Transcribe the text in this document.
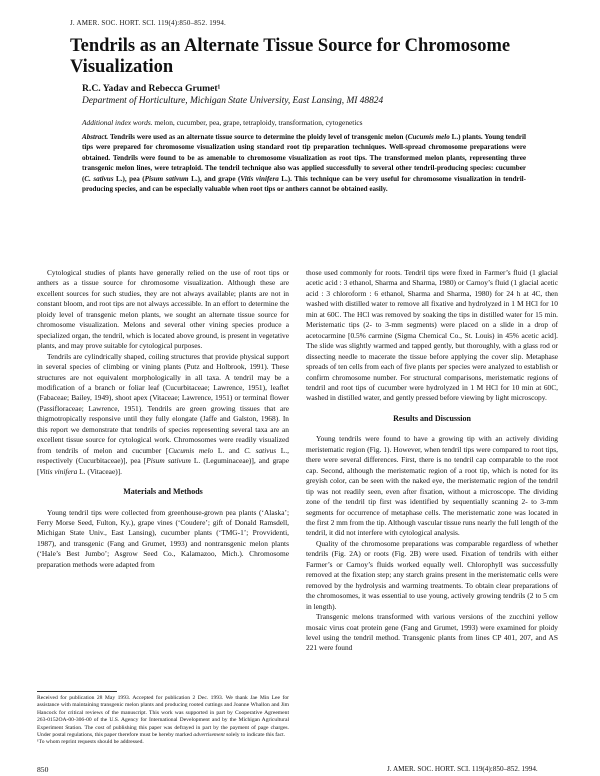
J. AMER. SOC. HORT. SCI. 119(4):850–852. 1994.
Tendrils as an Alternate Tissue Source for Chromosome Visualization
R.C. Yadav and Rebecca Grumet¹
Department of Horticulture, Michigan State University, East Lansing, MI 48824
Additional index words. melon, cucumber, pea, grape, tetraploidy, transformation, cytogenetics
Abstract. Tendrils were used as an alternate tissue source to determine the ploidy level of transgenic melon (Cucumis melo L.) plants. Young tendril tips were prepared for chromosome visualization using standard root tip preparation techniques. Well-spread chromosome preparations were obtained. Tendrils were found to be as amenable to chromosome visualization as root tips. The transformed melon plants, representing three transgenic melon lines, were tetraploid. The tendril technique also was applied successfully to several other tendril-producing species: cucumber (C. sativus L.), pea (Pisum sativum L.), and grape (Vitis vinifera L.). This technique can be very useful for chromosome visualization in tendril-producing species, and can be especially valuable when root tips or anthers cannot be obtained easily.

Cytological studies of plants have generally relied on the use of root tips or anthers as a tissue source for chromosome visualization. Although these are excellent sources for such studies, they are not always available; plants are not in constant bloom, and root tips are not always accessible. In an effort to determine the ploidy level of transgenic melon plants, we sought an alternate tissue source for chromosome visualization. Melons and several other vining species produce a specialized organ, the tendril, which is located above ground, is present in vegetative plants, and may prove suitable for cytological purposes.

Tendrils are cylindrically shaped, coiling structures that provide physical support in several species of climbing or vining plants (Putz and Holbrook, 1991). These structures are not equivalent morphologically in all taxa. A tendril may be a modification of a branch or foliar leaf (Cucurbitaceae; Lawrence, 1951), leaflet (Fabaceae; Bailey, 1949), shoot apex (Vitaceae; Lawrence, 1951) or terminal flower (Passifloraceae; Lawrence, 1951). Tendrils are green growing tissues that are thigmotropically responsive until they fully elongate (Jaffe and Galston, 1968). In this report we demonstrate that tendrils of species representing several taxa are an excellent tissue source for cytological work. Chromosomes were readily visualized from tendrils of melon and cucumber [Cucumis melo L. and C. sativus L., respectively (Cucurbitaceae)], pea [Pisum sativum L. (Leguminaceae)], and grape [Vitis vinifera L. (Vitaceae)].

Materials and Methods

Young tendril tips were collected from greenhouse-grown pea plants (‘Alaska’; Ferry Morse Seed, Fulton, Ky.), grape vines (‘Coudere’; gift of Donald Ramsdell, Michigan State Univ., East Lansing), cucumber plants (‘TMG-1’; Provvidenti, 1987), and transgenic (Fang and Grumet, 1993) and nontransgenic melon plants (‘Hale’s Best Jumbo’; Asgrow Seed Co., Kalamazoo, Mich.). Chromosome preparation methods were adapted from

Received for publication 28 May 1993. Accepted for publication 2 Dec. 1993. We thank Jae Min Lee for assistance with maintaining transgenic melon plants and producing rooted cuttings and Joanne Whallon and Jim Hancock for critical reviews of the manuscript. This work was supported in part by Cooperative Agreement 263-0152OA-00-306-00 of the U.S. Agency for International Development and by the Michigan Agricultural Experiment Station. The cost of publishing this paper was defrayed in part by the payment of page charges. Under postal regulations, this paper therefore must be hereby marked advertisement solely to indicate this fact.

¹To whom reprint requests should be addressed.

those used commonly for roots. Tendril tips were fixed in Farmer’s fluid (1 glacial acetic acid : 3 ethanol, Sharma and Sharma, 1980) or Carnoy’s fluid (1 glacial acetic acid : 3 chloroform : 6 ethanol, Sharma and Sharma, 1980) for 24 h at 4C, then washed with distilled water to remove all fixative and hydrolyzed in 1 M HCl for 10 min at 60C. The HCl was removed by soaking the tips in distilled water for 15 min. Meristematic tips (2- to 3-mm segments) were placed on a slide in a drop of acetocarmine [0.5% carmine (Sigma Chemical Co., St. Louis) in 45% acetic acid]. The slide was slightly warmed and tapped gently, but thoroughly, with a glass rod or dissecting needle to macerate the tissue before applying the cover slip. Metaphase spreads of ten cells from each of five plants per species were analyzed to establish or confirm chromosome number. For structural comparisons, meristematic regions of tendril and root tips of cucumber were hydrolyzed in 1 M HCl for 10 min at 60C, washed in distilled water, and gently pressed before viewing by light microscopy.

Results and Discussion

Young tendrils were found to have a growing tip with an actively dividing meristematic region (Fig. 1). However, when tendril tips were compared to root tips, there were several differences. First, there is no tendril cap comparable to the root cap. Second, although the meristematic region of a root tip, which is noted for its greyish color, can be seen with the naked eye, the meristematic region of the tendril tip was not readily seen, even after fixation, without a microscope. The dividing zone of the tendril tip first was identified by sequentially scanning 2- to 3-mm segments for occurrence of metaphase cells. The meristematic zone was located in the first 2 mm from the tip. Although vascular tissue runs nearly the full length of the tendril, it did not interfere with cytological analysis.

Quality of the chromosome preparations was comparable regardless of whether tendrils (Fig. 2A) or roots (Fig. 2B) were used. Fixation of tendrils with either Farmer’s or Carnoy’s fluids worked equally well. Chlorophyll was successfully removed at the fixation step; any starch grains present in the meristematic cells were removed by the hydrolysis and warming treatments. To obtain clear preparations of the chromosomes, it was essential to use young, actively growing tendrils (2 to 5 cm in length).

Transgenic melons transformed with various versions of the zucchini yellow mosaic virus coat protein gene (Fang and Grumet, 1993) were examined for ploidy level using the tendril method. Transgenic plants from lines CP 401, 207, and AS 221 were found

850	J. AMER. SOC. HORT. SCI. 119(4):850–852. 1994.
